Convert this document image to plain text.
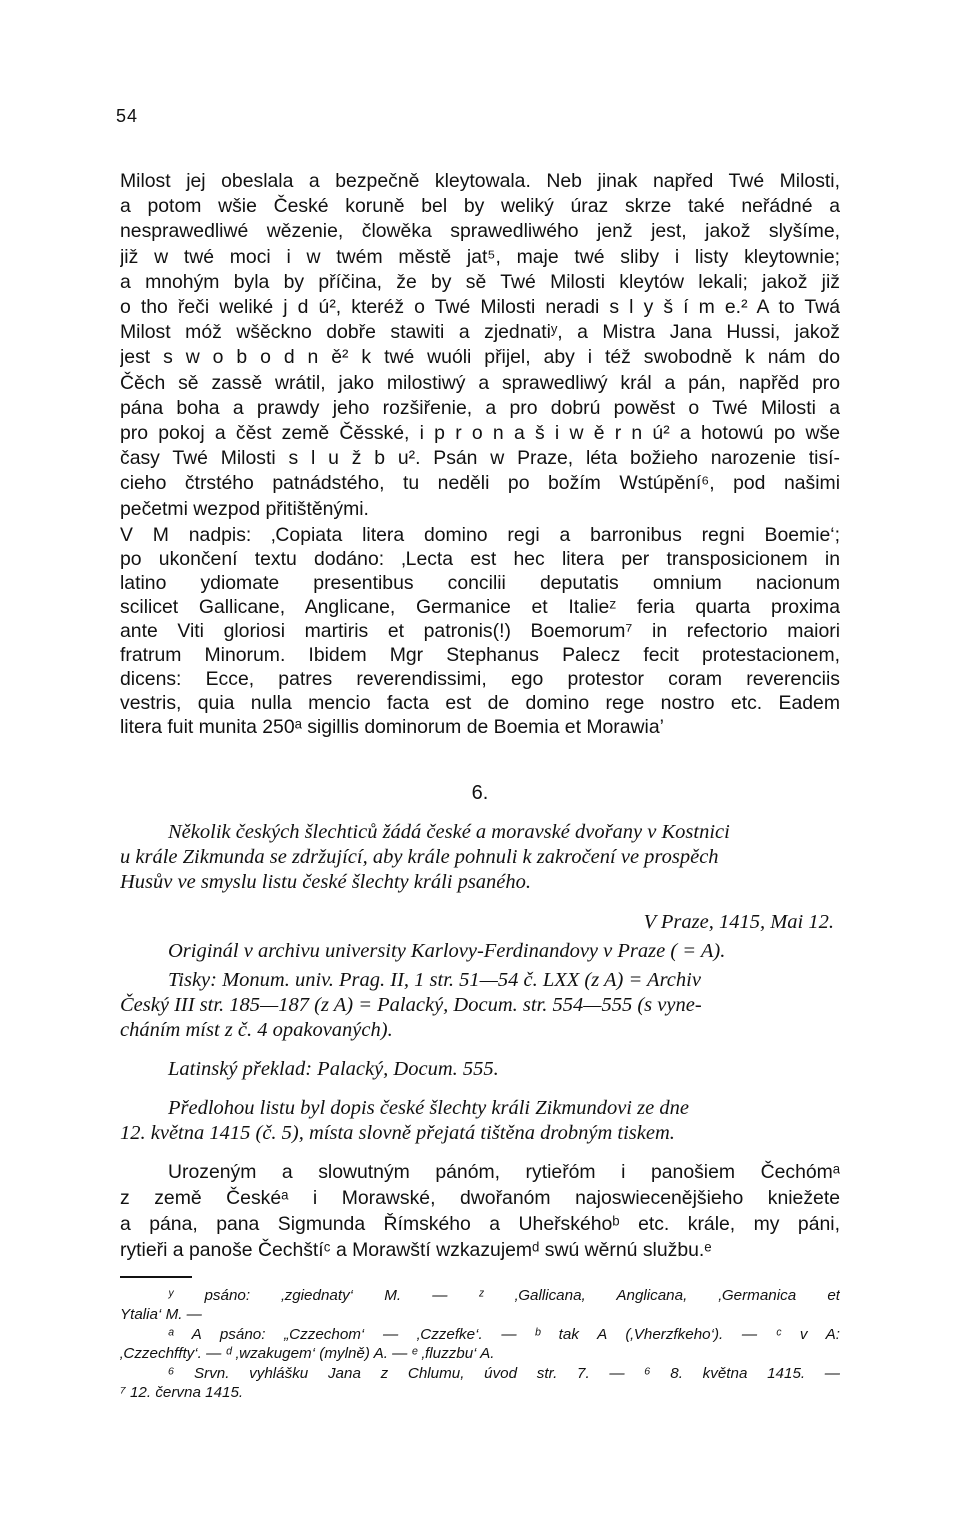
54
Milost jej obeslala a bezpečně kleytowala. Neb jinak napřed Twé Milosti,
a potom wšie České koruně bel by weliký úraz skrze také neřádné a
nesprawedliwé wězenie, člowěka sprawedliwého jenž jest, jakož slyšíme,
již w twé moci i w twém městě jat⁵, maje twé sliby i listy kleytownie;
a mnohým byla by příčina, že by sě Twé Milosti kleytów lekali; jakož již
o tho řeči weliké j d ú², kteréž o Twé Milosti neradi s l y š í m e.² A to Twá
Milost móž wšěckno dobře stawiti a zjednatiʸ, a Mistra Jana Hussi, jakož
jest s w o b o d n ě² k twé wuóli přijel, aby i též swobodně k nám do
Čěch sě zassě wrátil, jako milostiwý a sprawedliwý král a pán, napřěd pro
pána boha a prawdy jeho rozšiřenie, a pro dobrú powěst o Twé Milosti a
pro pokoj a čěst země Čěsské, i p r o n a š i w ě r n ú² a hotowú po wše
časy Twé Milosti s l u ž b u². Psán w Praze, léta božieho narozenie tisí-
cieho čtrstého patnádstého, tu neděli po božím Wstúpění⁶, pod našimi
pečetmi wezpod přitištěnými.
V M nadpis: ‚Copiata litera domino regi a barronibus regni Boemie‘;
po ukončení textu dodáno: ‚Lecta est hec litera per transposicionem in
latino ydiomate presentibus concilii deputatis omnium nacionum
scilicet Gallicane, Anglicane, Germanice et Italieᶻ feria quarta proxima
ante Viti gloriosi martiris et patronis(!) Boemorum⁷ in refectorio maiori
fratrum Minorum. Ibidem Mgr Stephanus Palecz fecit protestacionem,
dicens: Ecce, patres reverendissimi, ego protestor coram reverenciis
vestris, quia nulla mencio facta est de domino rege nostro etc. Eadem
litera fuit munita 250ᵃ sigillis dominorum de Boemia et Morawia’
6.
Několik českých šlechticů žádá české a moravské dvořany v Kostnici
u krále Zikmunda se zdržující, aby krále pohnuli k zakročení ve prospěch
Husův ve smyslu listu české šlechty králi psaného.
V Praze, 1415, Mai 12.
Originál v archivu university Karlovy-Ferdinandovy v Praze ( = A).
Tisky: Monum. univ. Prag. II, 1 str. 51—54 č. LXX (z A) = Archiv
Český III str. 185—187 (z A) = Palacký, Docum. str. 554—555 (s vyne-
cháním míst z č. 4 opakovaných).
Latinský překlad: Palacký, Docum. 555.
Předlohou listu byl dopis české šlechty králi Zikmundovi ze dne
12. května 1415 (č. 5), místa slovně přejatá tištěna drobným tiskem.
Urozeným a slowutným pánóm, rytieřóm i panošiem Čechómᵃ
z země Českéᵃ i Morawské, dwořanóm najoswiecenějšieho kniežete
a pána, pana Sigmunda Římského a Uheřskéhoᵇ etc. krále, my páni,
rytieři a panoše Čechštíᶜ a Morawští wzkazujemᵈ swú wěrnú službu.ᵉ
ʸ psáno: ‚zgiednaty‘ M. — ᶻ ‚Gallicana, Anglicana, ‚Germanica et
Ytalia‘ M. —
ᵃ A psáno: „Czzechom‘ — ‚Czzefke‘. — ᵇ tak A (‚Vherzfkeho‘). — ᶜ v A:
‚Czzechffty‘. — ᵈ ‚wzakugem‘ (mylně) A. — ᵉ ‚fluzzbu‘ A.
⁶ Srvn. vyhlášku Jana z Chlumu, úvod str. 7. — ⁶ 8. května 1415. —
⁷ 12. června 1415.
